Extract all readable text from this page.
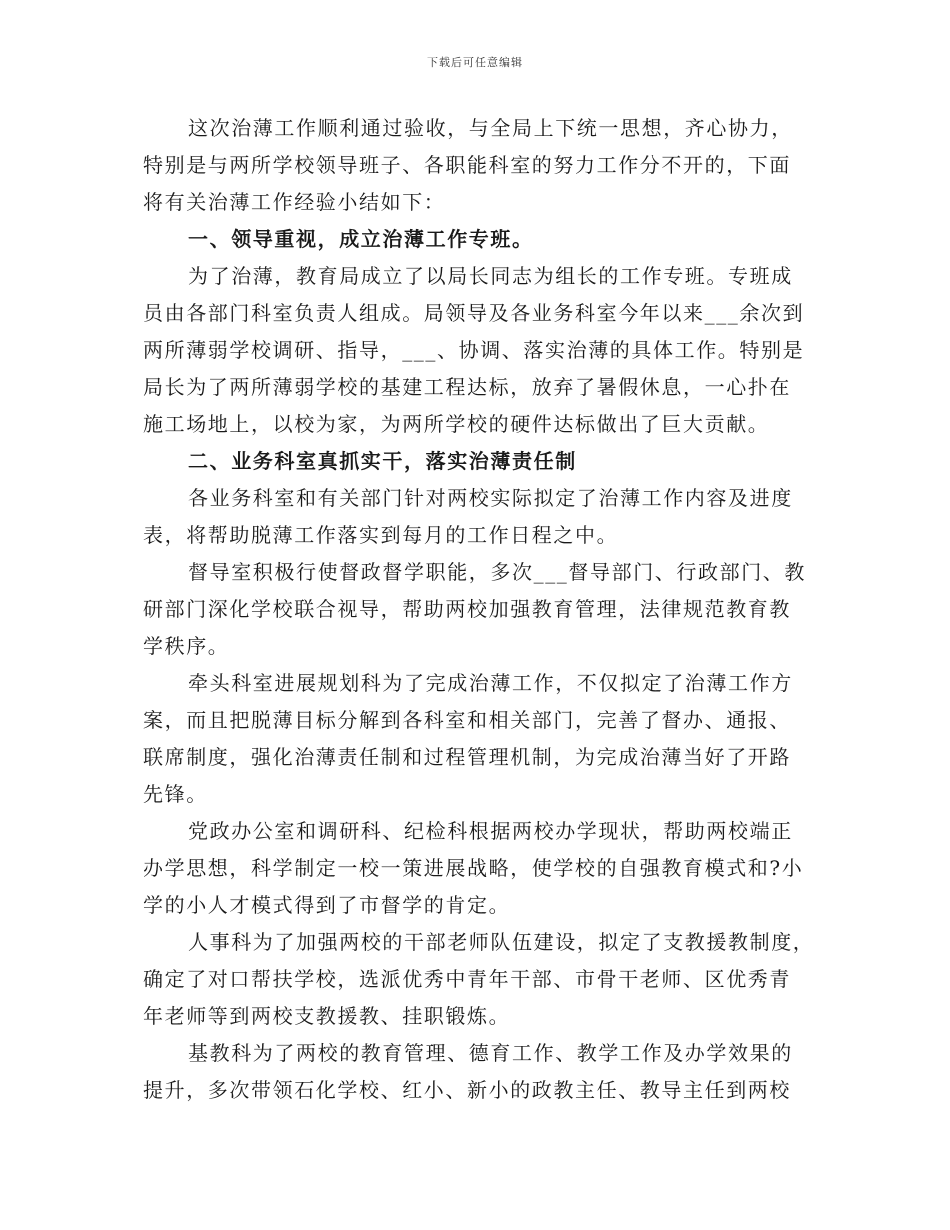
下载后可任意编辑
这次治薄工作顺利通过验收，与全局上下统一思想，齐心协力，
特别是与两所学校领导班子、各职能科室的努力工作分不开的，下面
将有关治薄工作经验小结如下：
一、领导重视，成立治薄工作专班。
为了治薄，教育局成立了以局长同志为组长的工作专班。专班成
员由各部门科室负责人组成。局领导及各业务科室今年以来___余次到
两所薄弱学校调研、指导，___、协调、落实治薄的具体工作。特别是
局长为了两所薄弱学校的基建工程达标，放弃了暑假休息，一心扑在
施工场地上，以校为家，为两所学校的硬件达标做出了巨大贡献。
二、业务科室真抓实干，落实治薄责任制
各业务科室和有关部门针对两校实际拟定了治薄工作内容及进度
表，将帮助脱薄工作落实到每月的工作日程之中。
督导室积极行使督政督学职能，多次___督导部门、行政部门、教
研部门深化学校联合视导，帮助两校加强教育管理，法律规范教育教
学秩序。
牵头科室进展规划科为了完成治薄工作，不仅拟定了治薄工作方
案，而且把脱薄目标分解到各科室和相关部门，完善了督办、通报、
联席制度，强化治薄责任制和过程管理机制，为完成治薄当好了开路
先锋。
党政办公室和调研科、纪检科根据两校办学现状，帮助两校端正
办学思想，科学制定一校一策进展战略，使学校的自强教育模式和?小
学的小人才模式得到了市督学的肯定。
人事科为了加强两校的干部老师队伍建设，拟定了支教援教制度，
确定了对口帮扶学校，选派优秀中青年干部、市骨干老师、区优秀青
年老师等到两校支教援教、挂职锻炼。
基教科为了两校的教育管理、德育工作、教学工作及办学效果的
提升，多次带领石化学校、红小、新小的政教主任、教导主任到两校
